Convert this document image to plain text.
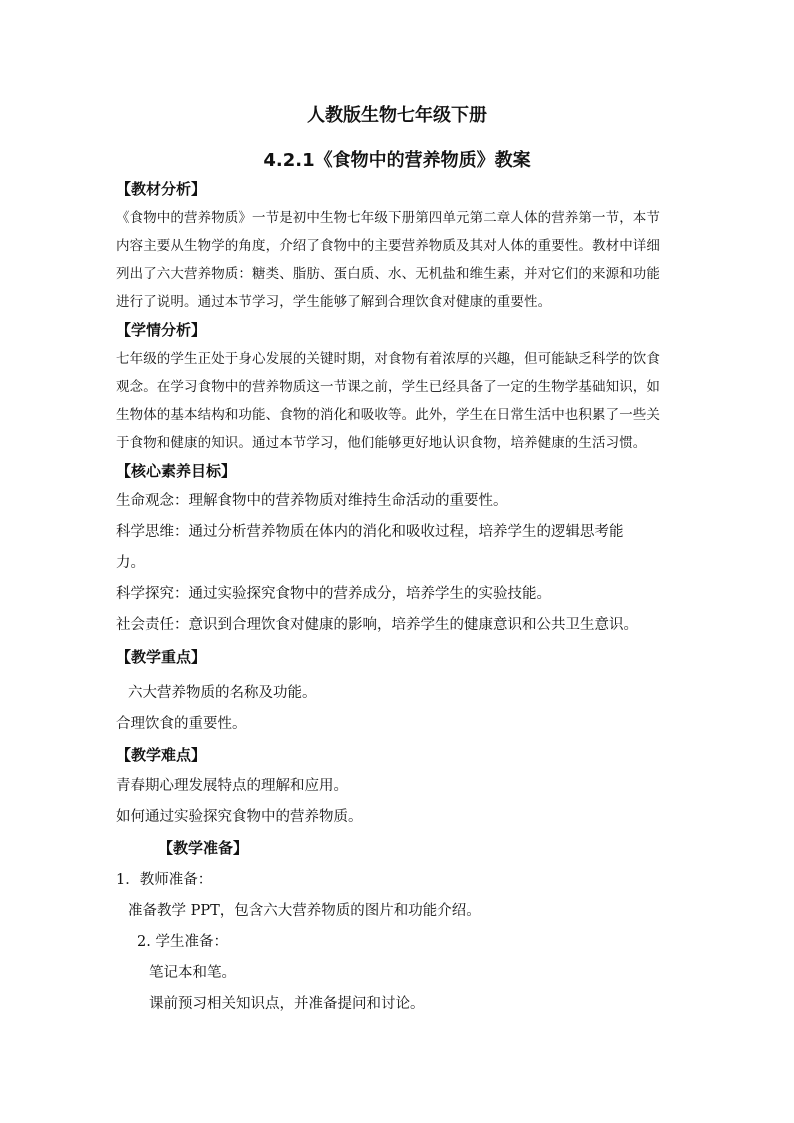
人教版生物七年级下册
4.2.1《食物中的营养物质》教案
【教材分析】
《食物中的营养物质》一节是初中生物七年级下册第四单元第二章人体的营养第一节，本节
内容主要从生物学的角度，介绍了食物中的主要营养物质及其对人体的重要性。教材中详细
列出了六大营养物质：糖类、脂肪、蛋白质、水、无机盐和维生素，并对它们的来源和功能
进行了说明。通过本节学习，学生能够了解到合理饮食对健康的重要性。
【学情分析】
七年级的学生正处于身心发展的关键时期，对食物有着浓厚的兴趣，但可能缺乏科学的饮食
观念。在学习食物中的营养物质这一节课之前，学生已经具备了一定的生物学基础知识，如
生物体的基本结构和功能、食物的消化和吸收等。此外，学生在日常生活中也积累了一些关
于食物和健康的知识。通过本节学习，他们能够更好地认识食物，培养健康的生活习惯。
【核心素养目标】
生命观念：理解食物中的营养物质对维持生命活动的重要性。
科学思维：通过分析营养物质在体内的消化和吸收过程，培养学生的逻辑思考能
力。
科学探究：通过实验探究食物中的营养成分，培养学生的实验技能。
社会责任：意识到合理饮食对健康的影响，培养学生的健康意识和公共卫生意识。
【教学重点】
六大营养物质的名称及功能。
合理饮食的重要性。
【教学难点】
青春期心理发展特点的理解和应用。
如何通过实验探究食物中的营养物质。
【教学准备】
1．教师准备：
准备教学 PPT，包含六大营养物质的图片和功能介绍。
2. 学生准备：
笔记本和笔。
课前预习相关知识点，并准备提问和讨论。
